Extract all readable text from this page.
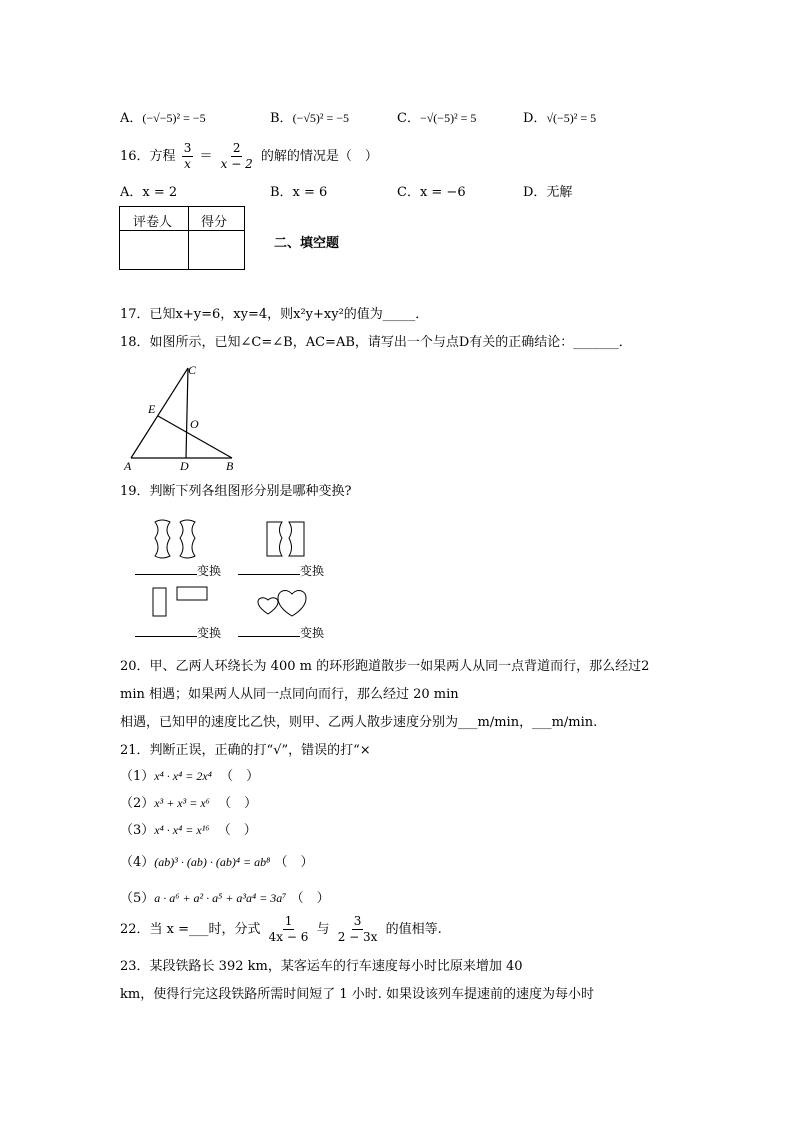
A．(−√−5)² = −5	B．(−√5)² = −5	C．−√(−5)² = 5	D．√(−5)² = 5
16．方程 $\frac{3}{x} = \frac{2}{x - 2}$ 的解的情况是（　）
A．x = 2	B．x = 6	C．x = −6	D．无解
评卷人 得分
二、填空题
17．已知x+y=6，xy=4，则x²y+xy²的值为_____．
18．如图所示，已知∠C=∠B，AC=AB，请写出一个与点D有关的正确结论：_______．
C
E
O
A	D	B
19．判断下列各组图形分别是哪种变换?
变换	变换
变换	变换
20．甲、乙两人环绕长为 400 m 的环形跑道散步一如果两人从同一点背道而行，那么经过2
min 相遇；如果两人从同一点同向而行，那么经过 20 min
相遇，已知甲的速度比乙快，则甲、乙两人散步速度分别为___m/min，___m/min.
21．判断正误，正确的打“√”，错误的打“×
（1）x⁴ · x⁴ = 2x⁴ （　）
（2）x³ + x³ = x⁶ （　）
（3）x⁴ · x⁴ = x¹⁶ （　）
（4）(ab)³ · (ab) · (ab)⁴ = ab⁸ （　）
（5）a · a⁶ + a² · a⁵ + a³a⁴ = 3a⁷ （　）
22．当 x =___时，分式 $\frac{1}{4x - 6}$ 与 $\frac{3}{2 - 3x}$ 的值相等.
23．某段铁路长 392 km，某客运车的行车速度每小时比原来增加 40
km，使得行完这段铁路所需时间短了 1 小时. 如果设该列车提速前的速度为每小时
